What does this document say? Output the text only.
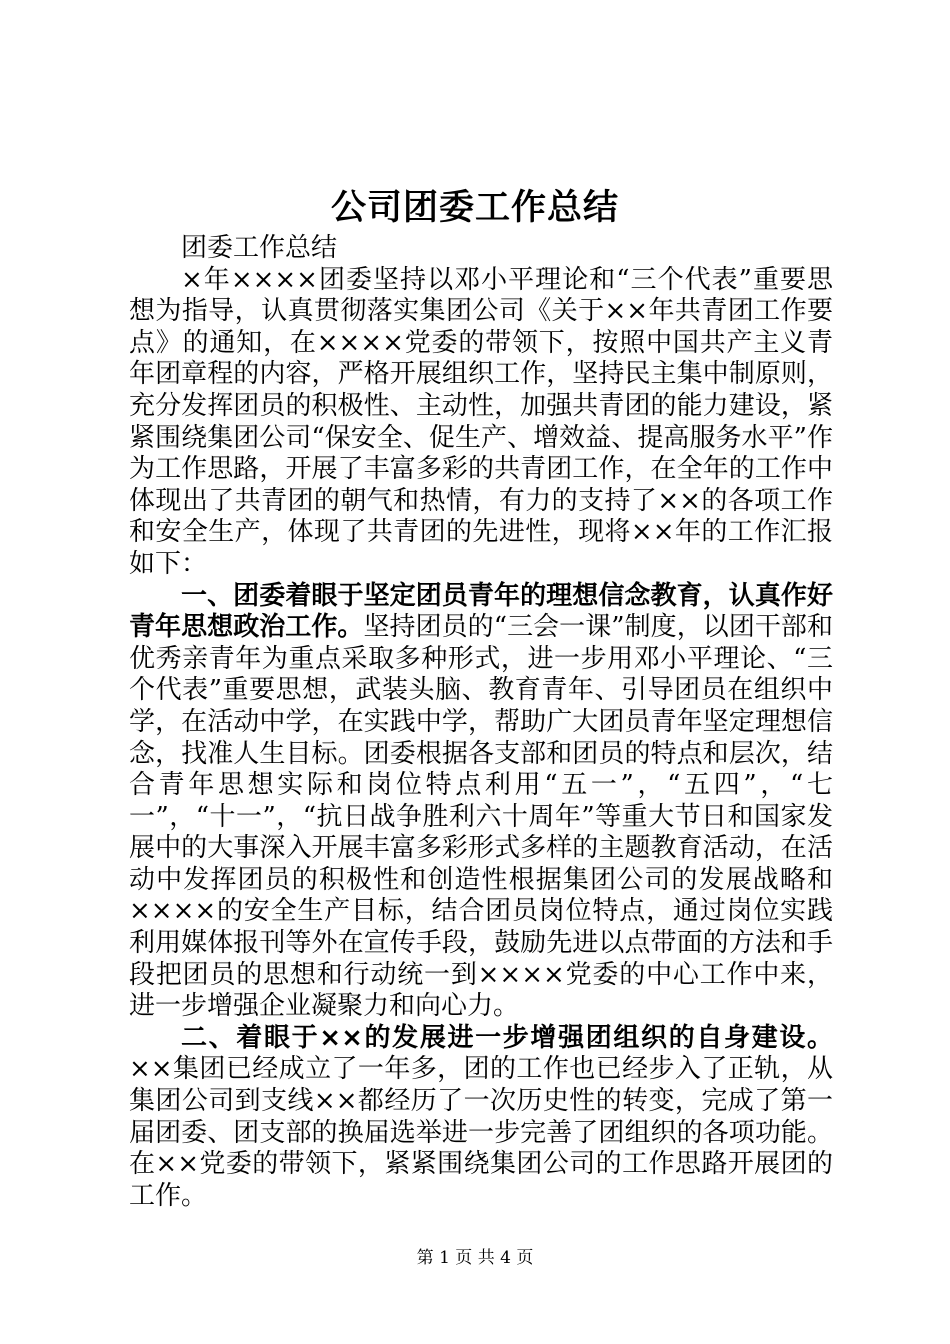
公司团委工作总结

团委工作总结

×年××××团委坚持以邓小平理论和“三个代表”重要思想为指导，认真贯彻落实集团公司《关于××年共青团工作要点》的通知，在××××党委的带领下，按照中国共产主义青年团章程的内容，严格开展组织工作，坚持民主集中制原则，充分发挥团员的积极性、主动性，加强共青团的能力建设，紧紧围绕集团公司“保安全、促生产、增效益、提高服务水平”作为工作思路，开展了丰富多彩的共青团工作，在全年的工作中体现出了共青团的朝气和热情，有力的支持了××的各项工作和安全生产，体现了共青团的先进性，现将××年的工作汇报如下：

一、团委着眼于坚定团员青年的理想信念教育，认真作好青年思想政治工作。坚持团员的“三会一课”制度，以团干部和优秀亲青年为重点采取多种形式，进一步用邓小平理论、“三个代表”重要思想，武装头脑、教育青年、引导团员在组织中学，在活动中学，在实践中学，帮助广大团员青年坚定理想信念，找准人生目标。团委根据各支部和团员的特点和层次，结合青年思想实际和岗位特点利用“五一”，“五四”，“七一”，“十一”，“抗日战争胜利六十周年”等重大节日和国家发展中的大事深入开展丰富多彩形式多样的主题教育活动，在活动中发挥团员的积极性和创造性根据集团公司的发展战略和××××的安全生产目标，结合团员岗位特点，通过岗位实践利用媒体报刊等外在宣传手段，鼓励先进以点带面的方法和手段把团员的思想和行动统一到××××党委的中心工作中来，进一步增强企业凝聚力和向心力。

二、着眼于××的发展进一步增强团组织的自身建设。××集团已经成立了一年多，团的工作也已经步入了正轨，从集团公司到支线××都经历了一次历史性的转变，完成了第一届团委、团支部的换届选举进一步完善了团组织的各项功能。在××党委的带领下，紧紧围绕集团公司的工作思路开展团的工作。

第 1 页 共 4 页
